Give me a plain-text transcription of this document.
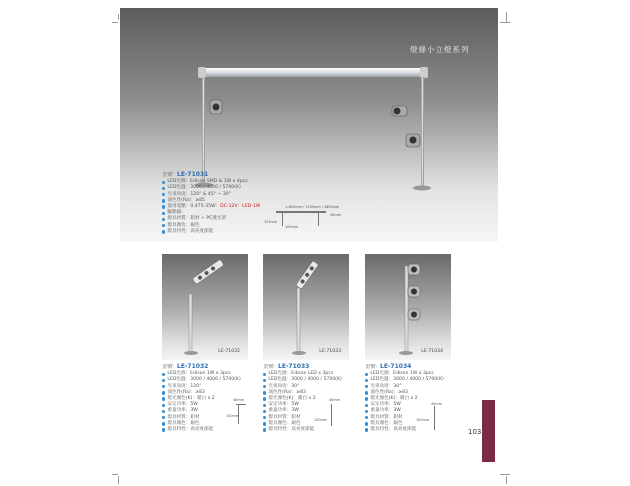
燈條小立燈系列
型號：LE-71031
LED光源：Edison SMD & 1W x 4pcs
LED色溫：3000 / 4000 / 5700(K)
光束角度：120° & 45° ~ 30°
演色性(Ra)：≥85
使用電壓： 0.475-35W： DC-12V ： LED-1W
驅動器：
燈具材質：鋁材 + PC透光罩
燈具顏色：銀色
燈具特性：高亮度節能
L:600mm / 1200mm / 1800mm
153mm
30mm
100mm
LE-71032	LE-71033	LE-71034
型號：LE-71032
LED光源：Edison 1W x 3pcs
LED色溫：3000 / 4000 / 5700(K)
光束角度：120°
演色性(Ra)：≥83
燈光顏色(K)：暖白 x 2
安定功率：5W
重量功率：3W
燈具材質：鋁材
燈具顏色：銀色
燈具特性：高亮度節能
40mm
100mm
型號：LE-71033
LED光源：Edison LED x 3pcs
LED色溫：3000 / 4000 / 5700(K)
光束角度：30°
演色性(Ra)：≥83
燈光顏色(K)：暖白 x 2
安定功率：5W
重量功率：3W
燈具材質：鋁材
燈具顏色：銀色
燈具特性：高亮度節能
40mm
100mm
型號：LE-71034
LED光源：Edison 1W x 3pcs
LED色溫：3000 / 4000 / 5700(K)
光束角度：30°
演色性(Ra)：≥83
燈光顏色(K)：暖白 x 2
安定功率：5W
重量功率：3W
燈具材質：鋁材
燈具顏色：銀色
燈具特性：高亮度節能
40mm
100mm
103
